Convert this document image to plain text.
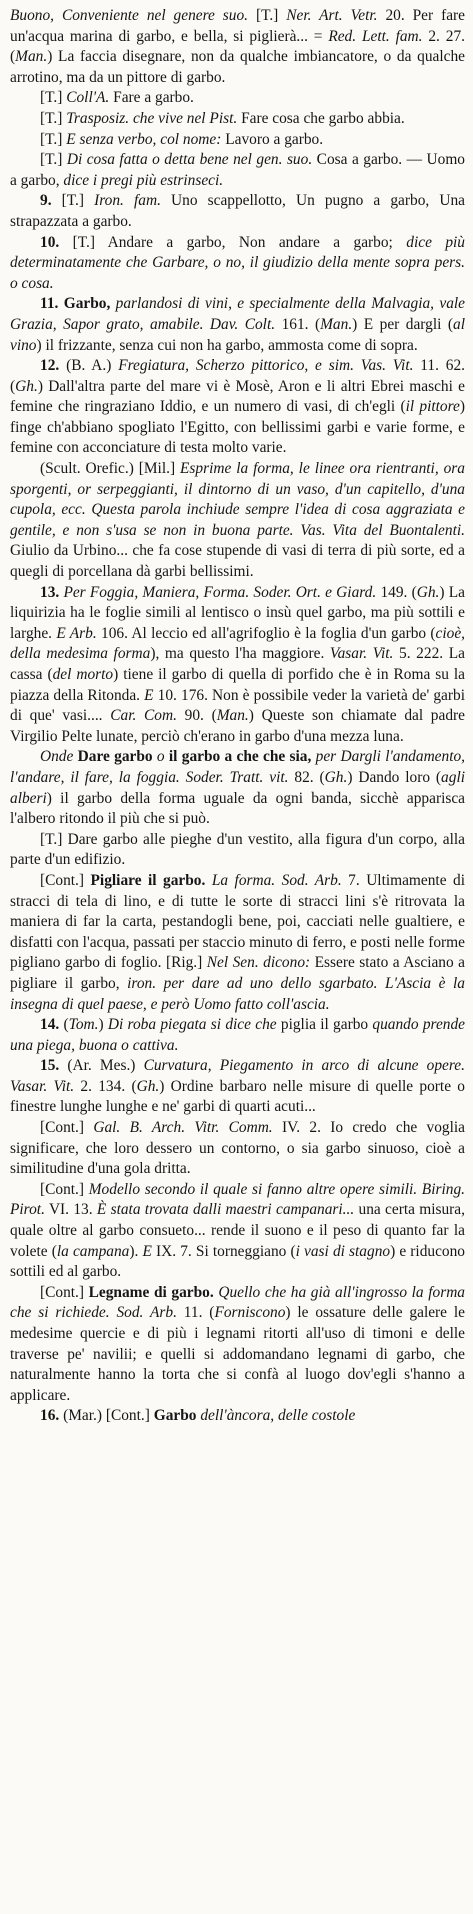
Buono, Conveniente nel genere suo. [T.] Ner. Art. Vetr. 20. Per fare un'acqua marina di garbo, e bella, si piglierà... = Red. Lett. fam. 2. 27. (Man.) La faccia disegnare, non da qualche imbiancatore, o da qualche arrotino, ma da un pittore di garbo.

[T.] Coll'A. Fare a garbo.

[T.] Trasposiz. che vive nel Pist. Fare cosa che garbo abbia.

[T.] E senza verbo, col nome: Lavoro a garbo.

[T.] Di cosa fatta o detta bene nel gen. suo. Cosa a garbo. — Uomo a garbo, dice i pregi più estrinseci.

9. [T.] Iron. fam. Uno scappellotto, Un pugno a garbo, Una strapazzata a garbo.

10. [T.] Andare a garbo, Non andare a garbo; dice più determinatamente che Garbare, o no, il giudizio della mente sopra pers. o cosa.

11. Garbo, parlandosi di vini, e specialmente della Malvagia, vale Grazia, Sapor grato, amabile. Dav. Colt. 161. (Man.) E per dargli (al vino) il frizzante, senza cui non ha garbo, ammosta come di sopra.

12. (B. A.) Fregiatura, Scherzo pittorico, e sim. Vas. Vit. 11. 62. (Gh.) Dall'altra parte del mare vi è Mosè, Aron e li altri Ebrei maschi e femine che ringraziano Iddio, e un numero di vasi, di ch'egli (il pittore) finge ch'abbiano spogliato l'Egitto, con bellissimi garbi e varie forme, e femine con acconciature di testa molto varie.

(Scult. Orefic.) [Mil.] Esprime la forma, le linee ora rientranti, ora sporgenti, or serpeggianti, il dintorno di un vaso, d'un capitello, d'una cupola, ecc. Questa parola inchiude sempre l'idea di cosa aggraziata e gentile, e non s'usa se non in buona parte. Vas. Vita del Buontalenti. Giulio da Urbino... che fa cose stupende di vasi di terra di più sorte, ed a quegli di porcellana dà garbi bellissimi.

13. Per Foggia, Maniera, Forma. Soder. Ort. e Giard. 149. (Gh.) La liquirizia ha le foglie simili al lentisco o insù quel garbo, ma più sottili e larghe. E Arb. 106. Al leccio ed all'agrifoglio è la foglia d'un garbo (cioè, della medesima forma), ma questo l'ha maggiore. Vasar. Vit. 5. 222. La cassa (del morto) tiene il garbo di quella di porfido che è in Roma su la piazza della Ritonda. E 10. 176. Non è possibile veder la varietà de' garbi di que' vasi.... Car. Com. 90. (Man.) Queste son chiamate dal padre Virgilio Pelte lunate, perciò ch'erano in garbo d'una mezza luna.

Onde Dare garbo o il garbo a che che sia, per Dargli l'andamento, l'andare, il fare, la foggia. Soder. Tratt. vit. 82. (Gh.) Dando loro (agli alberi) il garbo della forma uguale da ogni banda, sicchè apparisca l'albero ritondo il più che si può.

[T.] Dare garbo alle pieghe d'un vestito, alla figura d'un corpo, alla parte d'un edifizio.

[Cont.] Pigliare il garbo. La forma. Sod. Arb. 7. Ultimamente di stracci di tela di lino, e di tutte le sorte di stracci lini s'è ritrovata la maniera di far la carta, pestandogli bene, poi, cacciati nelle gualtiere, e disfatti con l'acqua, passati per staccio minuto di ferro, e posti nelle forme pigliano garbo di foglio. [Rig.] Nel Sen. dicono: Essere stato a Asciano a pigliare il garbo, iron. per dare ad uno dello sgarbato. L'Ascia è la insegna di quel paese, e però Uomo fatto coll'ascia.

14. (Tom.) Di roba piegata si dice che piglia il garbo quando prende una piega, buona o cattiva.

15. (Ar. Mes.) Curvatura, Piegamento in arco di alcune opere. Vasar. Vit. 2. 134. (Gh.) Ordine barbaro nelle misure di quelle porte o finestre lunghe lunghe e ne' garbi di quarti acuti...

[Cont.] Gal. B. Arch. Vitr. Comm. IV. 2. Io credo che voglia significare, che loro dessero un contorno, o sia garbo sinuoso, cioè a similitudine d'una gola dritta.

[Cont.] Modello secondo il quale si fanno altre opere simili. Biring. Pirot. VI. 13. È stata trovata dalli maestri campanari... una certa misura, quale oltre al garbo consueto... rende il suono e il peso di quanto far la volete (la campana). E IX. 7. Si torneggiano (i vasi di stagno) e riducono sottili ed al garbo.

[Cont.] Legname di garbo. Quello che ha già all'ingrosso la forma che si richiede. Sod. Arb. 11. (Forniscono) le ossature delle galere le medesime quercie e di più i legnami ritorti all'uso di timoni e delle traverse pe' navilii; e quelli si addomandano legnami di garbo, che naturalmente hanno la torta che si confà al luogo dov'egli s'hanno a applicare.

16. (Mar.) [Cont.] Garbo dell'àncora, delle costole
